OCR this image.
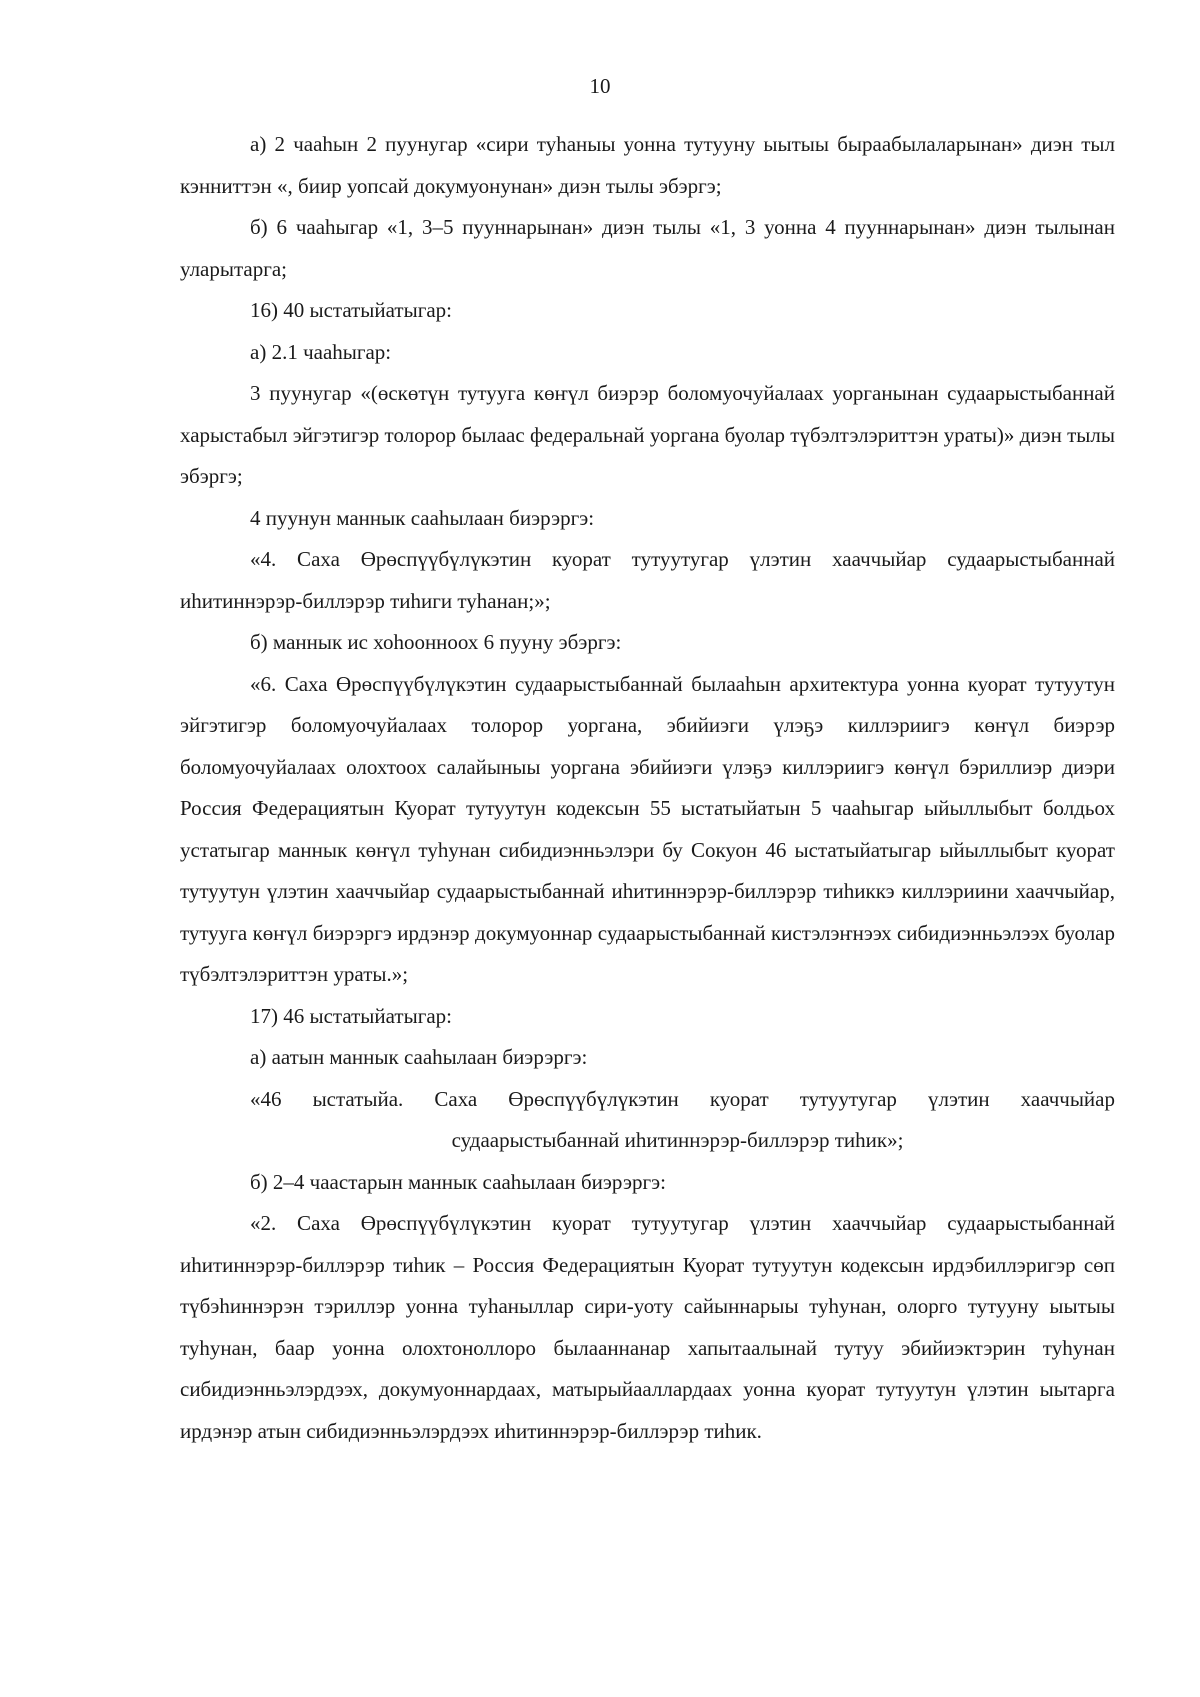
10

а) 2 чааһын 2 пуунугар «сири туһаныы уонна тутууну ыытыы быраабылаларынан» диэн тыл кэнниттэн «, биир уопсай докумуонунан» диэн тылы эбэргэ;

б) 6 чааһыгар «1, 3–5 пууннарынан» диэн тылы «1, 3 уонна 4 пууннарынан» диэн тылынан уларытарга;

16) 40 ыстатыйатыгар:

а) 2.1 чааһыгар:

3 пуунугар «(өскөтүн тутууга көҥүл биэрэр боломуочуйалаах уорганынан судаарыстыбаннай харыстабыл эйгэтигэр толорор былаас федеральнай уоргана буолар түбэлтэлэриттэн ураты)» диэн тылы эбэргэ;

4 пуунун маннык сааһылаан биэрэргэ:

«4. Саха Өрөспүүбүлүкэтин куорат тутуутугар үлэтин хааччыйар судаарыстыбаннай иһитиннэрэр-биллэрэр тиһиги туһанан;»;

б) маннык ис хоһоонноох 6 пууну эбэргэ:

«6. Саха Өрөспүүбүлүкэтин судаарыстыбаннай былааһын архитектура уонна куорат тутуутун эйгэтигэр боломуочуйалаах толорор уоргана, эбийиэги үлэҕэ киллэриигэ көҥүл биэрэр боломуочуйалаах олохтоох салайыныы уоргана эбийиэги үлэҕэ киллэриигэ көҥүл бэриллиэр диэри Россия Федерациятын Куорат тутуутун кодексын 55 ыстатыйатын 5 чааһыгар ыйыллыбыт болдьох устатыгар маннык көҥүл туһунан сибидиэнньэлэри бу Сокуон 46 ыстатыйатыгар ыйыллыбыт куорат тутуутун үлэтин хааччыйар судаарыстыбаннай иһитиннэрэр-биллэрэр тиһиккэ киллэриини хааччыйар, тутууга көҥүл биэрэргэ ирдэнэр докумуоннар судаарыстыбаннай кистэлэҥнээх сибидиэнньэлээх буолар түбэлтэлэриттэн ураты.»;

17) 46 ыстатыйатыгар:

а) аатын маннык сааһылаан биэрэргэ:

«46 ыстатыйа. Саха Өрөспүүбүлүкэтин куорат тутуутугар үлэтин хааччыйар

судаарыстыбаннай иһитиннэрэр-биллэрэр тиһик»;

б) 2–4 чаастарын маннык сааһылаан биэрэргэ:

«2. Саха Өрөспүүбүлүкэтин куорат тутуутугар үлэтин хааччыйар судаарыстыбаннай иһитиннэрэр-биллэрэр тиһик – Россия Федерациятын Куорат тутуутун кодексын ирдэбиллэригэр сөп түбэһиннэрэн тэриллэр уонна туһаныллар сири-уоту сайыннарыы туһунан, олорго тутууну ыытыы туһунан, баар уонна олохтоноллоро былааннанар хапытаалынай тутуу эбийиэктэрин туһунан сибидиэнньэлэрдээх, докумуоннардаах, матырыйааллардаах уонна куорат тутуутун үлэтин ыытарга ирдэнэр атын сибидиэнньэлэрдээх иһитиннэрэр-биллэрэр тиһик.
